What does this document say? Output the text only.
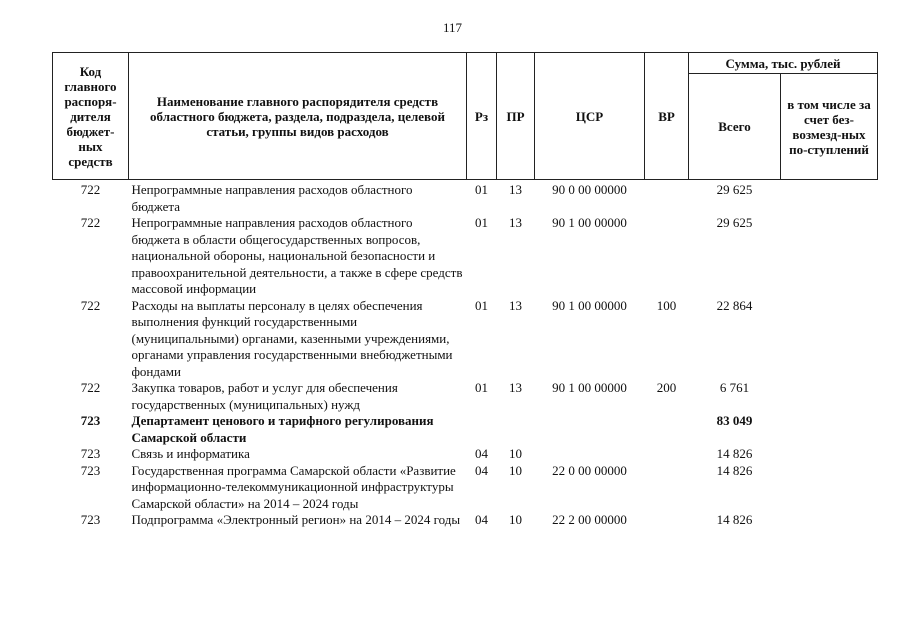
117
Код главного распоря-дителя бюджет-ных средств	Наименование главного распорядителя средств областного бюджета, раздела, подраздела, целевой статьи, группы видов расходов	Рз	ПР	ЦСР	ВР	Сумма, тыс. рублей	
						Всего	в том числе за счет без-возмезд-ных по-ступлений
722	Непрограммные направления расходов областного бюджета	01	13	90 0 00 00000		29 625	
722	Непрограммные направления расходов областного бюджета в области общегосударственных вопросов, национальной обороны, национальной безопасности и правоохранительной деятельности, а также в сфере средств массовой информации	01	13	90 1 00 00000		29 625	
722	Расходы на выплаты персоналу в целях обеспечения выполнения функций государственными (муниципальными) органами, казенными учреждениями, органами управления государственными внебюджетными фондами	01	13	90 1 00 00000	100	22 864	
722	Закупка товаров, работ и услуг для обеспечения государственных (муниципальных) нужд	01	13	90 1 00 00000	200	6 761	
723	Департамент ценового и тарифного регулирования Самарской области					83 049	
723	Связь и информатика	04	10			14 826	
723	Государственная программа Самарской области «Развитие информационно-телекоммуникационной инфраструктуры Самарской области» на 2014 – 2024 годы	04	10	22 0 00 00000		14 826	
723	Подпрограмма «Электронный регион» на 2014 – 2024 годы	04	10	22 2 00 00000		14 826	
